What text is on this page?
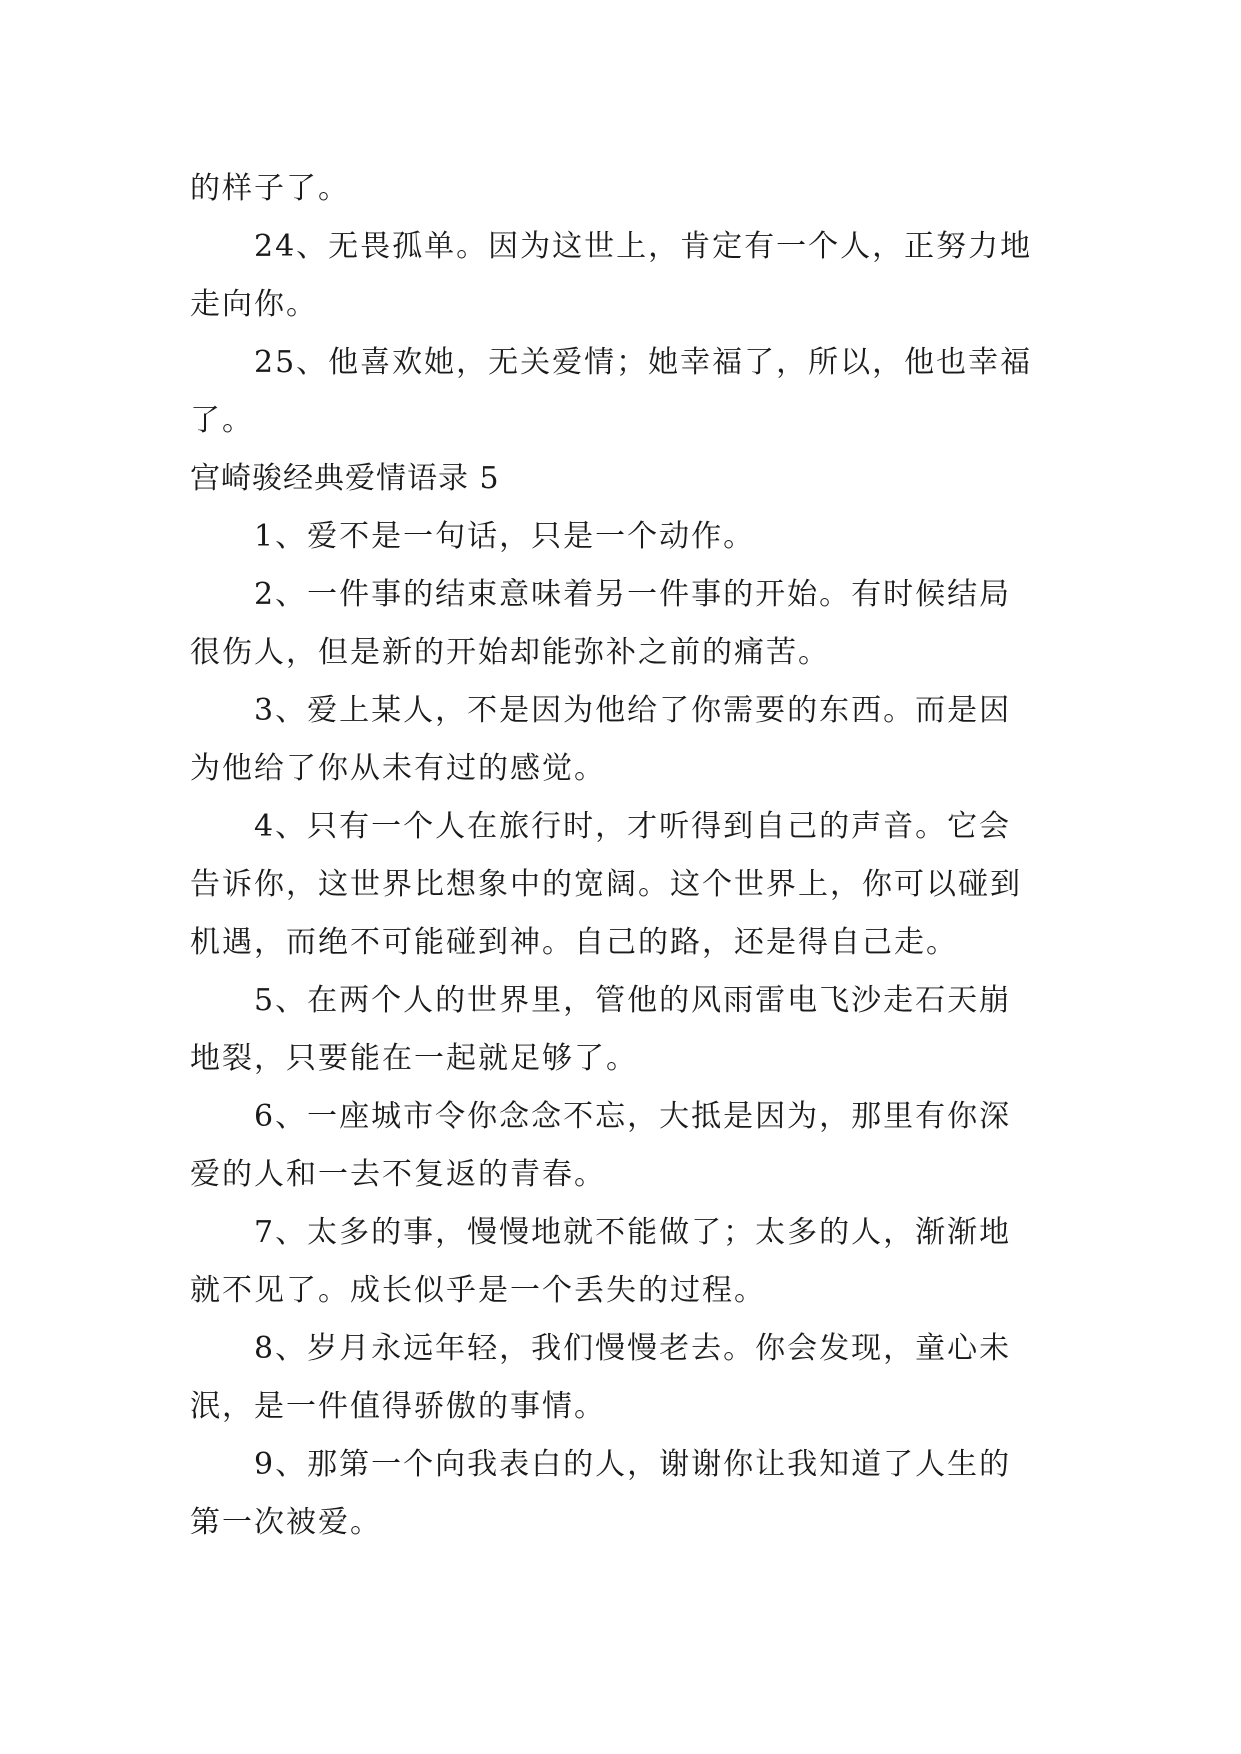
的样子了。

24、无畏孤单。因为这世上，肯定有一个人，正努力地

走向你。

25、他喜欢她，无关爱情；她幸福了，所以，他也幸福

了。

宫崎骏经典爱情语录 5

1、爱不是一句话，只是一个动作。

2、一件事的结束意味着另一件事的开始。有时候结局

很伤人，但是新的开始却能弥补之前的痛苦。

3、爱上某人，不是因为他给了你需要的东西。而是因

为他给了你从未有过的感觉。

4、只有一个人在旅行时，才听得到自己的声音。它会

告诉你，这世界比想象中的宽阔。这个世界上，你可以碰到

机遇，而绝不可能碰到神。自己的路，还是得自己走。

5、在两个人的世界里，管他的风雨雷电飞沙走石天崩

地裂，只要能在一起就足够了。

6、一座城市令你念念不忘，大抵是因为，那里有你深

爱的人和一去不复返的青春。

7、太多的事，慢慢地就不能做了；太多的人，渐渐地

就不见了。成长似乎是一个丢失的过程。

8、岁月永远年轻，我们慢慢老去。你会发现，童心未

泯，是一件值得骄傲的事情。

9、那第一个向我表白的人，谢谢你让我知道了人生的

第一次被爱。
